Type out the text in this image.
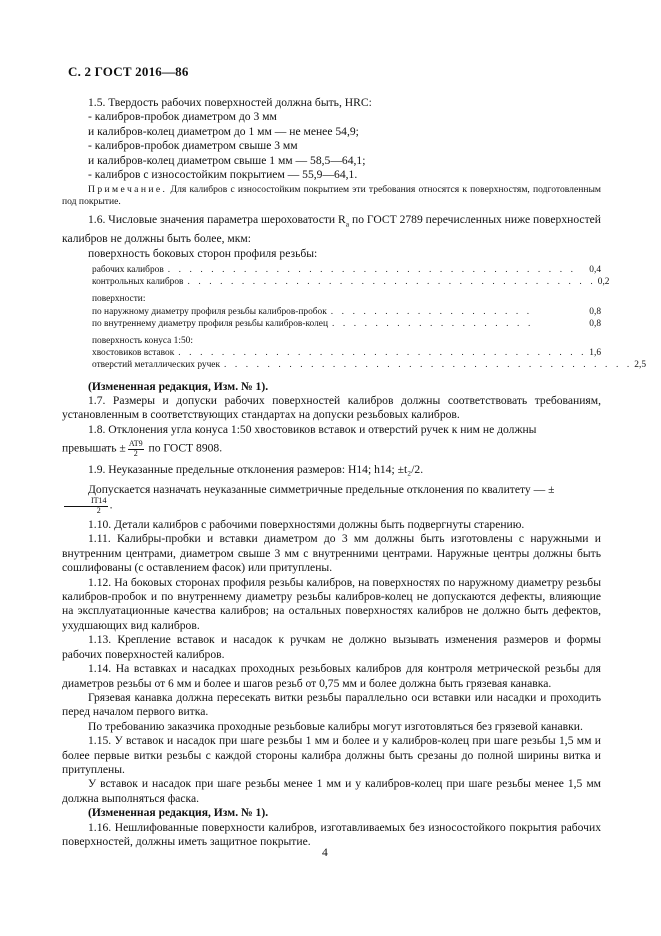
С. 2 ГОСТ 2016—86

1.5. Твердость рабочих поверхностей должна быть, HRC:

- калибров-пробок диаметром до 3 мм

и калибров-колец диаметром до 1 мм — не менее 54,9;

- калибров-пробок диаметром свыше 3 мм

и калибров-колец диаметром свыше 1 мм — 58,5—64,1;

- калибров с износостойким покрытием — 55,9—64,1.

Примечание. Для калибров с износостойким покрытием эти требования относятся к поверхностям, подготовленным под покрытие.

1.6. Числовые значения параметра шероховатости $R_a$ по ГОСТ 2789 перечисленных ниже поверхностей калибров не должны быть более, мкм:

поверхность боковых сторон профиля резьбы:

рабочих калибров . . . . . . . . . . . . . . . . . . . . . . . . . . . . . . . . . . . . . .	0,4
контрольных калибров . . . . . . . . . . . . . . . . . . . . . . . . . . . . . . . . . . . . . . 0,2

поверхности:

по наружному диаметру профиля резьбы калибров-пробок . . . . . . . . . . . . . . . . . . .	0,8
по внутреннему диаметру профиля резьбы калибров-колец . . . . . . . . . . . . . . . . . . .	0,8

поверхность конуса 1:50:

хвостовиков вставок . . . . . . . . . . . . . . . . . . . . . . . . . . . . . . . . . . . . . . 1,6
отверстий металлических ручек . . . . . . . . . . . . . . . . . . . . . . . . . . . . . . . . . . . . . . 2,5

(Измененная редакция, Изм. № 1).

1.7. Размеры и допуски рабочих поверхностей калибров должны соответствовать требованиям, установленным в соответствующих стандартах на допуски резьбовых калибров.

1.8. Отклонения угла конуса 1:50 хвостовиков вставок и отверстий ручек к ним не должны

превышать ± $\frac{AT9}{2}$ по ГОСТ 8908.

1.9. Неуказанные предельные отклонения размеров: H14; h14; ±t₂/2.

Допускается назначать неуказанные симметричные предельные отклонения по квалитету — ±
$\frac{IT14}{2}$ .

1.10. Детали калибров с рабочими поверхностями должны быть подвергнуты старению.

1.11. Калибры-пробки и вставки диаметром до 3 мм должны быть изготовлены с наружными и внутренним центрами, диаметром свыше 3 мм с внутренними центрами. Наружные центры должны быть сошлифованы (с оставлением фасок) или притуплены.

1.12. На боковых сторонах профиля резьбы калибров, на поверхностях по наружному диаметру резьбы калибров-пробок и по внутреннему диаметру резьбы калибров-колец не допускаются дефекты, влияющие на эксплуатационные качества калибров; на остальных поверхностях калибров не должно быть дефектов, ухудшающих вид калибров.

1.13. Крепление вставок и насадок к ручкам не должно вызывать изменения размеров и формы рабочих поверхностей калибров.

1.14. На вставках и насадках проходных резьбовых калибров для контроля метрической резьбы для диаметров резьбы от 6 мм и более и шагов резьб от 0,75 мм и более должна быть грязевая канавка.

Грязевая канавка должна пересекать витки резьбы параллельно оси вставки или насадки и проходить перед началом первого витка.

По требованию заказчика проходные резьбовые калибры могут изготовляться без грязевой канавки.

1.15. У вставок и насадок при шаге резьбы 1 мм и более и у калибров-колец при шаге резьбы 1,5 мм и более первые витки резьбы с каждой стороны калибра должны быть срезаны до полной ширины витка и притуплены.

У вставок и насадок при шаге резьбы менее 1 мм и у калибров-колец при шаге резьбы менее 1,5 мм должна выполняться фаска.

(Измененная редакция, Изм. № 1).

1.16. Нешлифованные поверхности калибров, изготавливаемых без износостойкого покрытия рабочих поверхностей, должны иметь защитное покрытие.

4
